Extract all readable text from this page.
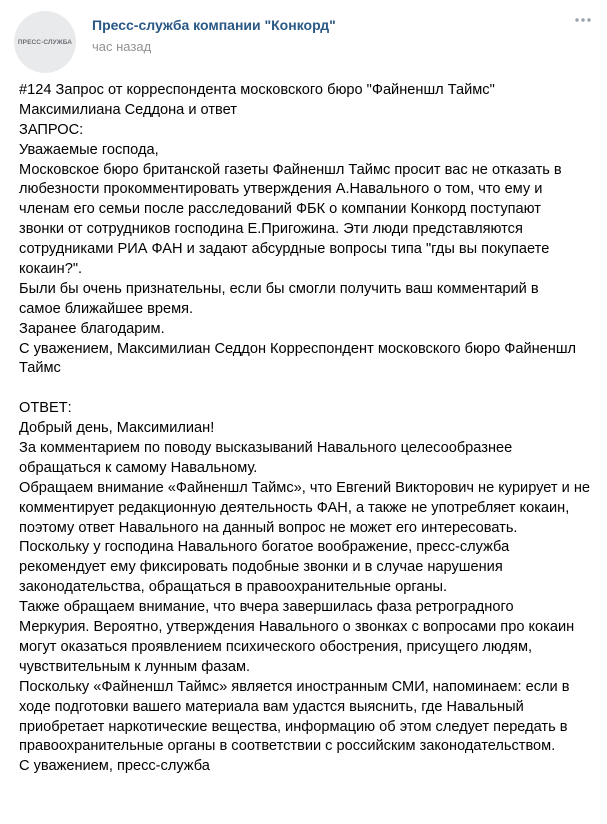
ПРЕСС-СЛУЖБА
Пресс-служба компании "Конкорд"
час назад
#124 Запрос от корреспондента московского бюро "Файненшл Таймс"
Максимилиана Седдона и ответ
ЗАПРОС:
Уважаемые господа,
Московское бюро британской газеты Файненшл Таймс просит вас не отказать в
любезности прокомментировать утверждения А.Навального о том, что ему и
членам его семьи после расследований ФБК о компании Конкорд поступают
звонки от сотрудников господина Е.Пригожина. Эти люди представляются
сотрудниками РИА ФАН и задают абсурдные вопросы типа "гды вы покупаете
кокаин?".
Были бы очень признательны, если бы смогли получить ваш комментарий в
самое ближайшее время.
Заранее благодарим.
С уважением, Максимилиан Седдон Корреспондент московского бюро Файненшл
Таймс
ОТВЕТ:
Добрый день, Максимилиан!
За комментарием по поводу высказываний Навального целесообразнее
обращаться к самому Навальному.
Обращаем внимание «Файненшл Таймс», что Евгений Викторович не курирует и не
комментирует редакционную деятельность ФАН, а также не употребляет кокаин,
поэтому ответ Навального на данный вопрос не может его интересовать.
Поскольку у господина Навального богатое воображение, пресс-служба
рекомендует ему фиксировать подобные звонки и в случае нарушения
законодательства, обращаться в правоохранительные органы.
Также обращаем внимание, что вчера завершилась фаза ретроградного
Меркурия. Вероятно, утверждения Навального о звонках с вопросами про кокаин
могут оказаться проявлением психического обострения, присущего людям,
чувствительным к лунным фазам.
Поскольку «Файненшл Таймс» является иностранным СМИ, напоминаем: если в
ходе подготовки вашего материала вам удастся выяснить, где Навальный
приобретает наркотические вещества, информацию об этом следует передать в
правоохранительные органы в соответствии с российским законодательством.
С уважением, пресс-служба
